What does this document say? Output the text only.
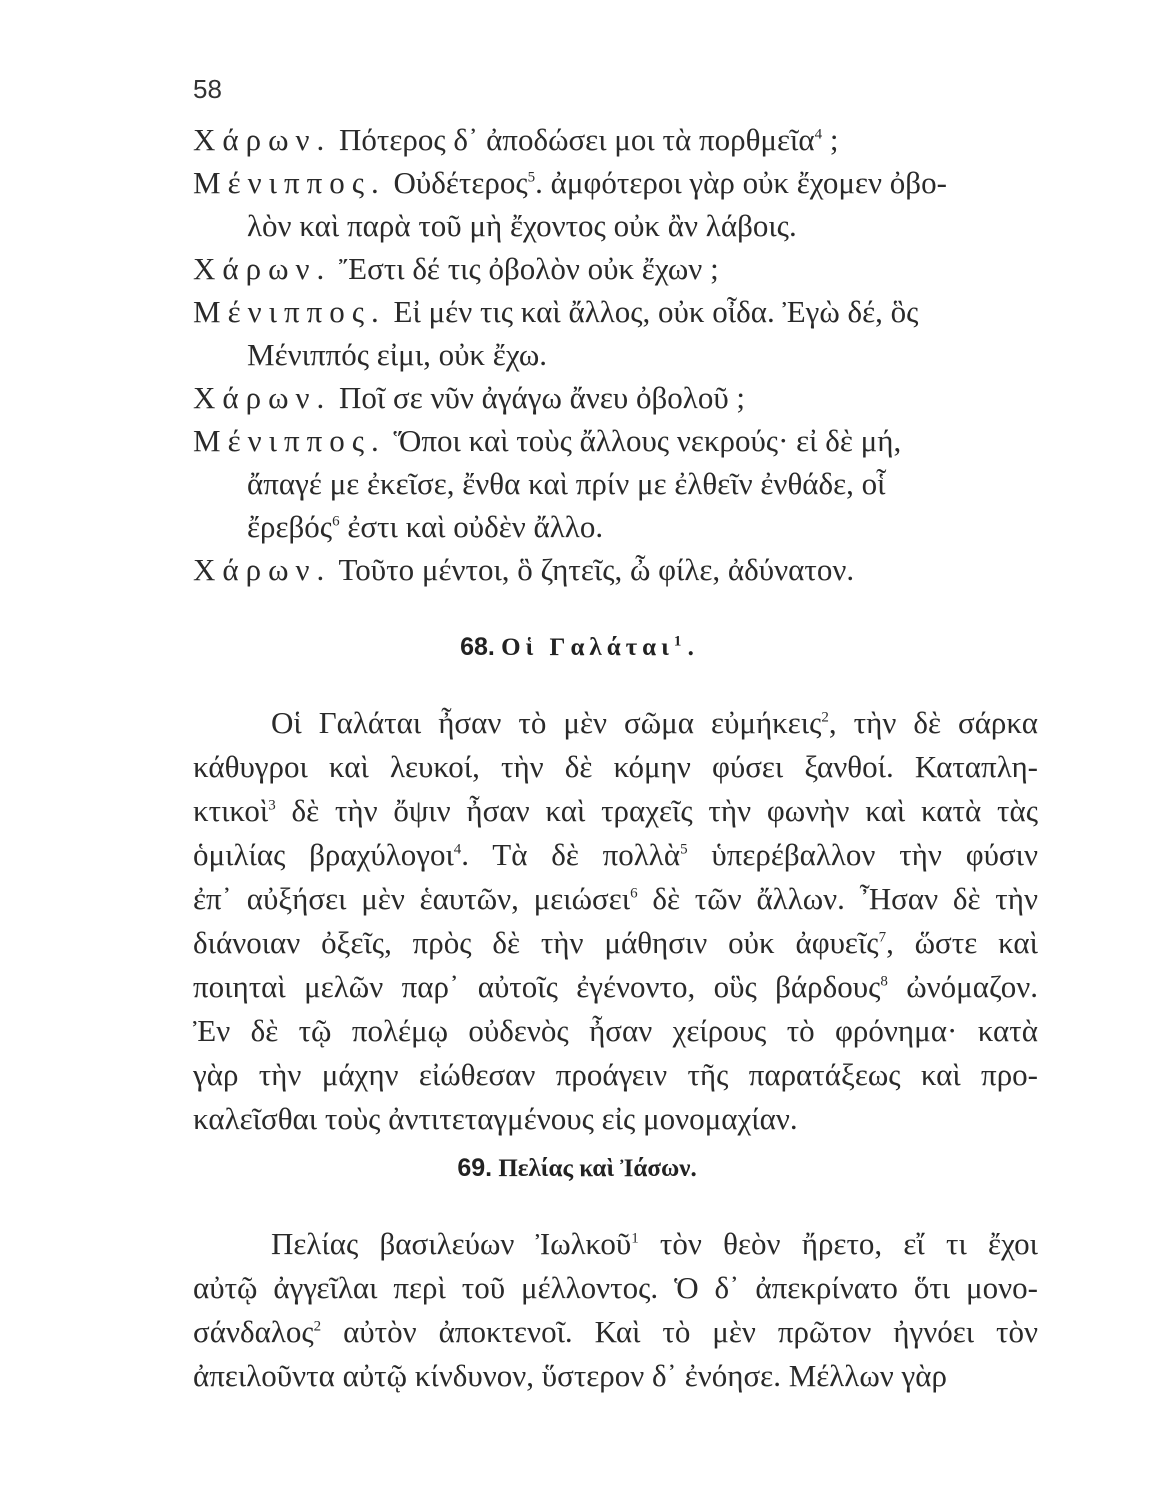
58
Χάρων. Πότερος δ᾽ ἀποδώσει μοι τὰ πορθμεῖα$^4$ ;
Μένιππος. Οὐδέτερος$^5$. ἀμφότεροι γὰρ οὐκ ἔχομεν ὀβο-
λὸν καὶ παρὰ τοῦ μὴ ἔχοντος οὐκ ἂν λάβοις.
Χάρων. Ἔστι δέ τις ὀβολὸν οὐκ ἔχων ;
Μένιππος. Εἰ μέν τις καὶ ἄλλος, οὐκ οἶδα. Ἐγὼ δέ, ὃς
Μένιππός εἰμι, οὐκ ἔχω.
Χάρων. Ποῖ σε νῦν ἀγάγω ἄνευ ὀβολοῦ ;
Μένιππος. Ὅποι καὶ τοὺς ἄλλους νεκρούς· εἰ δὲ μή,
ἄπαγέ με ἐκεῖσε, ἔνθα καὶ πρίν με ἐλθεῖν ἐνθάδε, οἷ
ἔρεβός$^6$ ἐστι καὶ οὐδὲν ἄλλο.
Χάρων. Τοῦτο μέντοι, ὃ ζητεῖς, ὦ φίλε, ἀδύνατον.
68. Οἱ Γαλάται$^1$ .
Οἱ Γαλάται ἦσαν τὸ μὲν σῶμα εὐμήκεις$^2$, τὴν δὲ σάρκα
κάθυγροι καὶ λευκοί, τὴν δὲ κόμην φύσει ξανθοί. Καταπλη-
κτικοὶ$^3$ δὲ τὴν ὄψιν ἦσαν καὶ τραχεῖς τὴν φωνὴν καὶ κατὰ τὰς
ὁμιλίας βραχύλογοι$^4$. Τὰ δὲ πολλὰ$^5$ ὑπερέβαλλον τὴν φύσιν
ἐπ᾽ αὐξήσει μὲν ἑαυτῶν, μειώσει$^6$ δὲ τῶν ἄλλων. Ἦσαν δὲ τὴν
διάνοιαν ὀξεῖς, πρὸς δὲ τὴν μάθησιν οὐκ ἀφυεῖς$^7$, ὥστε καὶ
ποιηταὶ μελῶν παρ᾽ αὐτοῖς ἐγένοντο, οὓς βάρδους$^8$ ὠνόμαζον.
Ἐν δὲ τῷ πολέμῳ οὐδενὸς ἦσαν χείρους τὸ φρόνημα· κατὰ
γὰρ τὴν μάχην εἰώθεσαν προάγειν τῆς παρατάξεως καὶ προ-
καλεῖσθαι τοὺς ἀντιτεταγμένους εἰς μονομαχίαν.
69. Πελίας καὶ Ἰάσων.
Πελίας βασιλεύων Ἰωλκοῦ$^1$ τὸν θεὸν ἤρετο, εἴ τι ἔχοι
αὐτῷ ἀγγεῖλαι περὶ τοῦ μέλλοντος. Ὁ δ᾽ ἀπεκρίνατο ὅτι μονο-
σάνδαλος$^2$ αὐτὸν ἀποκτενοῖ. Καὶ τὸ μὲν πρῶτον ἠγνόει τὸν
ἀπειλοῦντα αὐτῷ κίνδυνον, ὕστερον δ᾽ ἐνόησε. Μέλλων γὰρ
